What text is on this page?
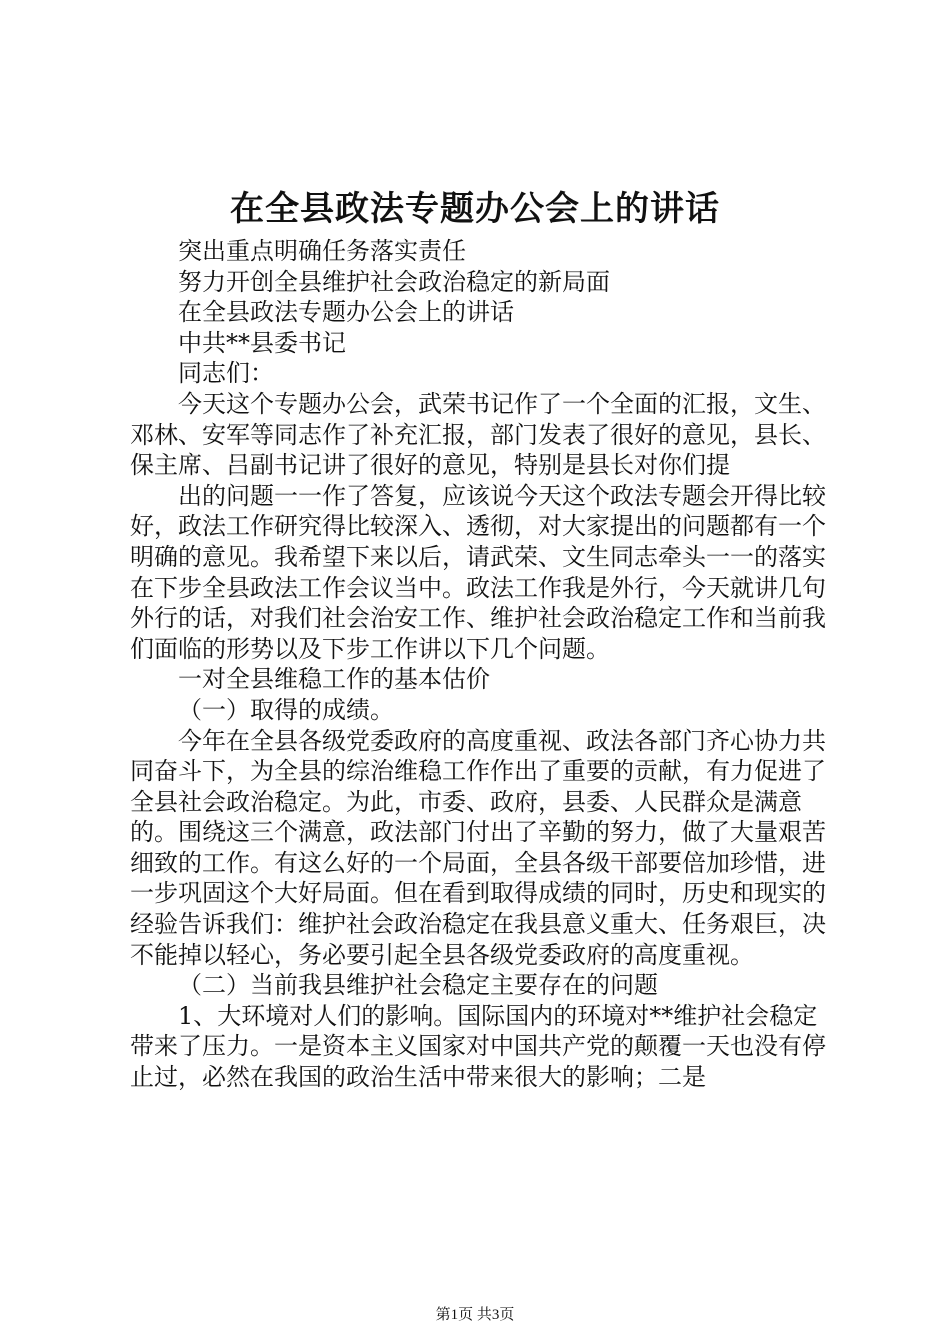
在全县政法专题办公会上的讲话

突出重点明确任务落实责任

努力开创全县维护社会政治稳定的新局面

在全县政法专题办公会上的讲话

中共**县委书记

同志们：

今天这个专题办公会，武荣书记作了一个全面的汇报，文生、邓林、安军等同志作了补充汇报，部门发表了很好的意见，县长、保主席、吕副书记讲了很好的意见，特别是县长对你们提

出的问题一一作了答复，应该说今天这个政法专题会开得比较好，政法工作研究得比较深入、透彻，对大家提出的问题都有一个明确的意见。我希望下来以后，请武荣、文生同志牵头一一的落实在下步全县政法工作会议当中。政法工作我是外行，今天就讲几句外行的话，对我们社会治安工作、维护社会政治稳定工作和当前我们面临的形势以及下步工作讲以下几个问题。

一对全县维稳工作的基本估价

（一）取得的成绩。

今年在全县各级党委政府的高度重视、政法各部门齐心协力共同奋斗下，为全县的综治维稳工作作出了重要的贡献，有力促进了全县社会政治稳定。为此，市委、政府，县委、人民群众是满意的。围绕这三个满意，政法部门付出了辛勤的努力，做了大量艰苦细致的工作。有这么好的一个局面，全县各级干部要倍加珍惜，进一步巩固这个大好局面。但在看到取得成绩的同时，历史和现实的经验告诉我们：维护社会政治稳定在我县意义重大、任务艰巨，决不能掉以轻心，务必要引起全县各级党委政府的高度重视。

（二）当前我县维护社会稳定主要存在的问题

1、大环境对人们的影响。国际国内的环境对**维护社会稳定带来了压力。一是资本主义国家对中国共产党的颠覆一天也没有停止过，必然在我国的政治生活中带来很大的影响；二是

第1页 共3页
